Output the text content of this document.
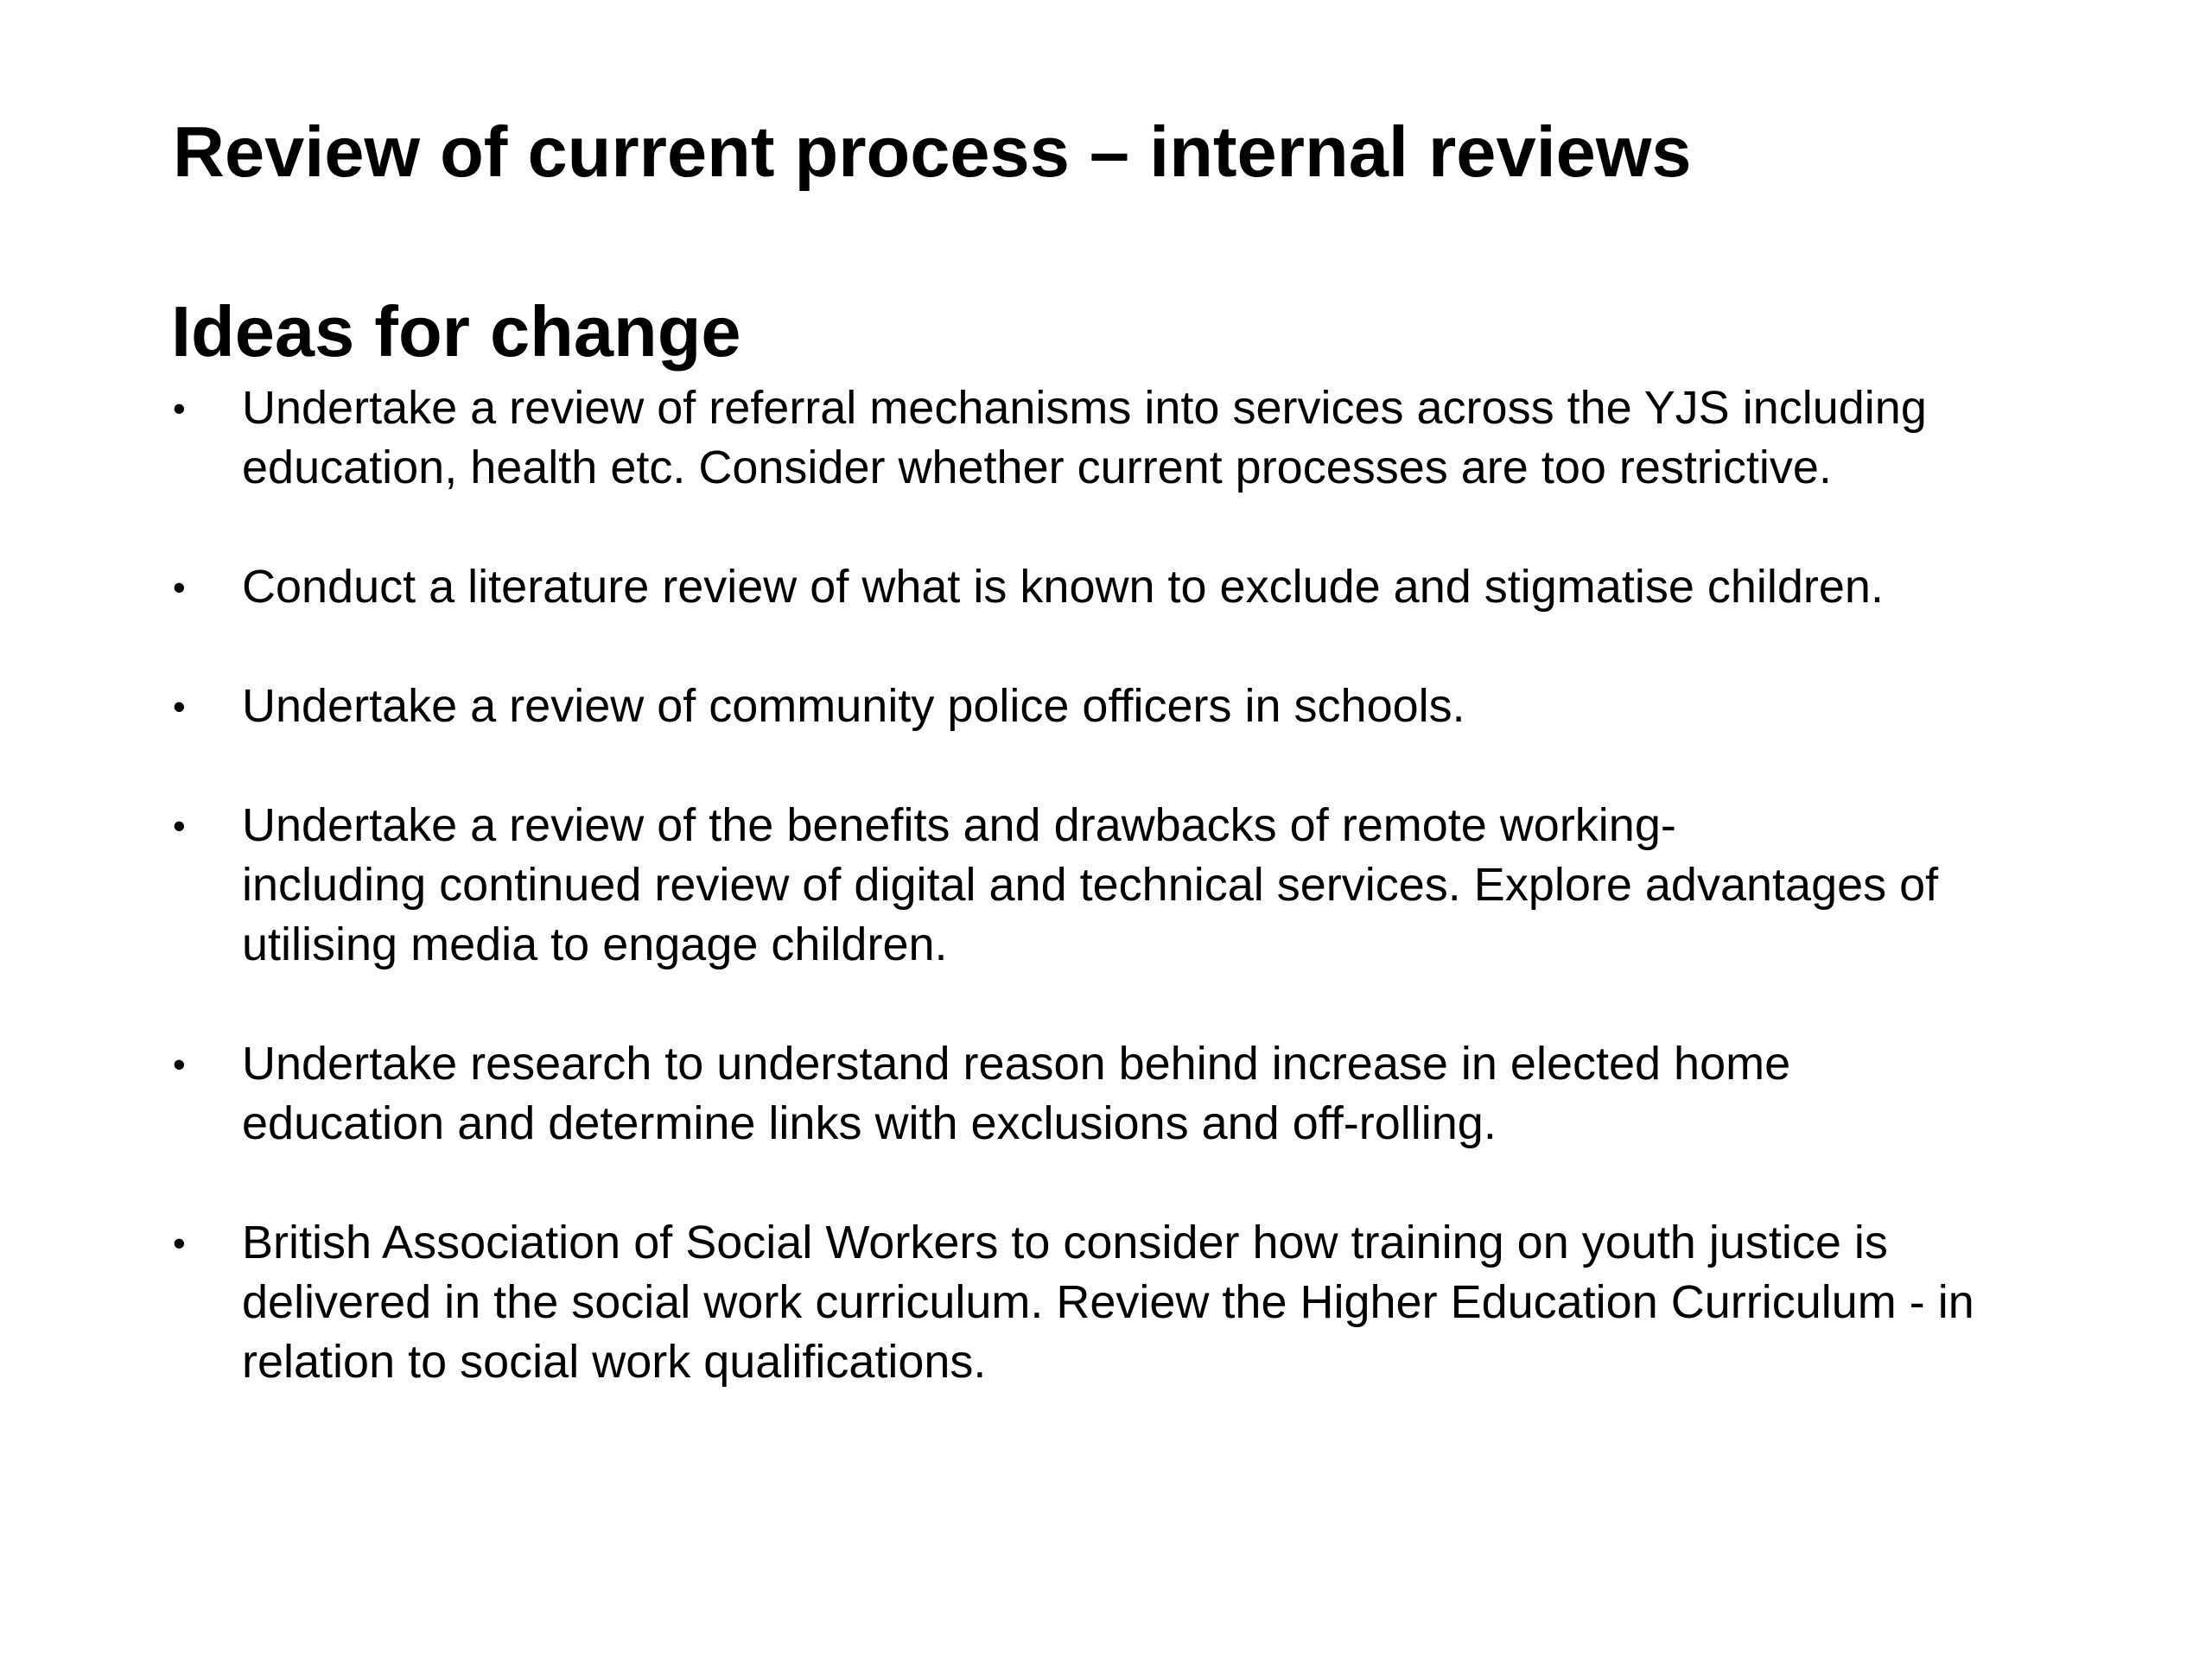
Review of current process – internal reviews
Ideas for change
• Undertake a review of referral mechanisms into services across the YJS including
education, health etc. Consider whether current processes are too restrictive.
• Conduct a literature review of what is known to exclude and stigmatise children.
• Undertake a review of community police officers in schools.
• Undertake a review of the benefits and drawbacks of remote working-
including continued review of digital and technical services. Explore advantages of
utilising media to engage children.
• Undertake research to understand reason behind increase in elected home
education and determine links with exclusions and off-rolling.
• British Association of Social Workers to consider how training on youth justice is
delivered in the social work curriculum. Review the Higher Education Curriculum - in
relation to social work qualifications.
